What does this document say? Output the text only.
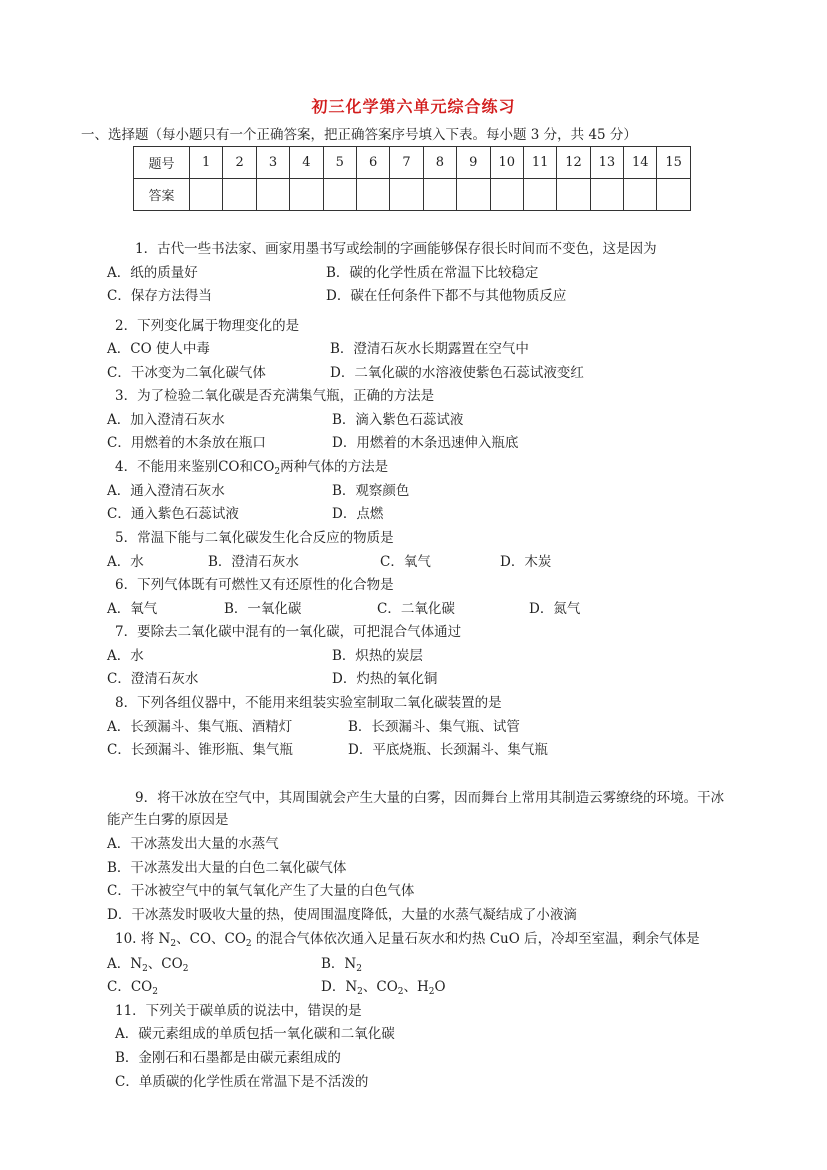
初三化学第六单元综合练习
一、选择题（每小题只有一个正确答案，把正确答案序号填入下表。每小题 3 分，共 45 分）
题号	1	2	3	4	5	6	7	8	9	10	11	12	13	14	15
答案															
1．古代一些书法家、画家用墨书写或绘制的字画能够保存很长时间而不变色，这是因为
A．纸的质量好	B．碳的化学性质在常温下比较稳定
C．保存方法得当	D．碳在任何条件下都不与其他物质反应
2．下列变化属于物理变化的是
A．CO 使人中毒	B．澄清石灰水长期露置在空气中
C．干冰变为二氧化碳气体	D．二氧化碳的水溶液使紫色石蕊试液变红
3．为了检验二氧化碳是否充满集气瓶，正确的方法是
A．加入澄清石灰水	B．滴入紫色石蕊试液
C．用燃着的木条放在瓶口	D．用燃着的木条迅速伸入瓶底
4．不能用来鉴别CO和$CO_2$两种气体的方法是
A．通入澄清石灰水	B．观察颜色
C．通入紫色石蕊试液	D．点燃
5．常温下能与二氧化碳发生化合反应的物质是
A．水	B．澄清石灰水	C．氧气	D．木炭
6．下列气体既有可燃性又有还原性的化合物是
A．氧气	B．一氧化碳	C．二氧化碳	D．氮气
7．要除去二氧化碳中混有的一氧化碳，可把混合气体通过
A．水	B．炽热的炭层
C．澄清石灰水	D．灼热的氧化铜
8．下列各组仪器中，不能用来组装实验室制取二氧化碳装置的是
A．长颈漏斗、集气瓶、酒精灯	B．长颈漏斗、集气瓶、试管
C．长颈漏斗、锥形瓶、集气瓶	D．平底烧瓶、长颈漏斗、集气瓶
9．将干冰放在空气中，其周围就会产生大量的白雾，因而舞台上常用其制造云雾缭绕的环境。干冰
能产生白雾的原因是
A．干冰蒸发出大量的水蒸气
B．干冰蒸发出大量的白色二氧化碳气体
C．干冰被空气中的氧气氧化产生了大量的白色气体
D．干冰蒸发时吸收大量的热，使周围温度降低，大量的水蒸气凝结成了小液滴
10. 将 $N_2$、CO、$CO_2$ 的混合气体依次通入足量石灰水和灼热 CuO 后，冷却至室温，剩余气体是
A．$N_2$、$CO_2$	B．$N_2$
C．$CO_2$	D．$N_2$、$CO_2$、$H_2O$
11．下列关于碳单质的说法中，错误的是
A．碳元素组成的单质包括一氧化碳和二氧化碳
B．金刚石和石墨都是由碳元素组成的
C．单质碳的化学性质在常温下是不活泼的
